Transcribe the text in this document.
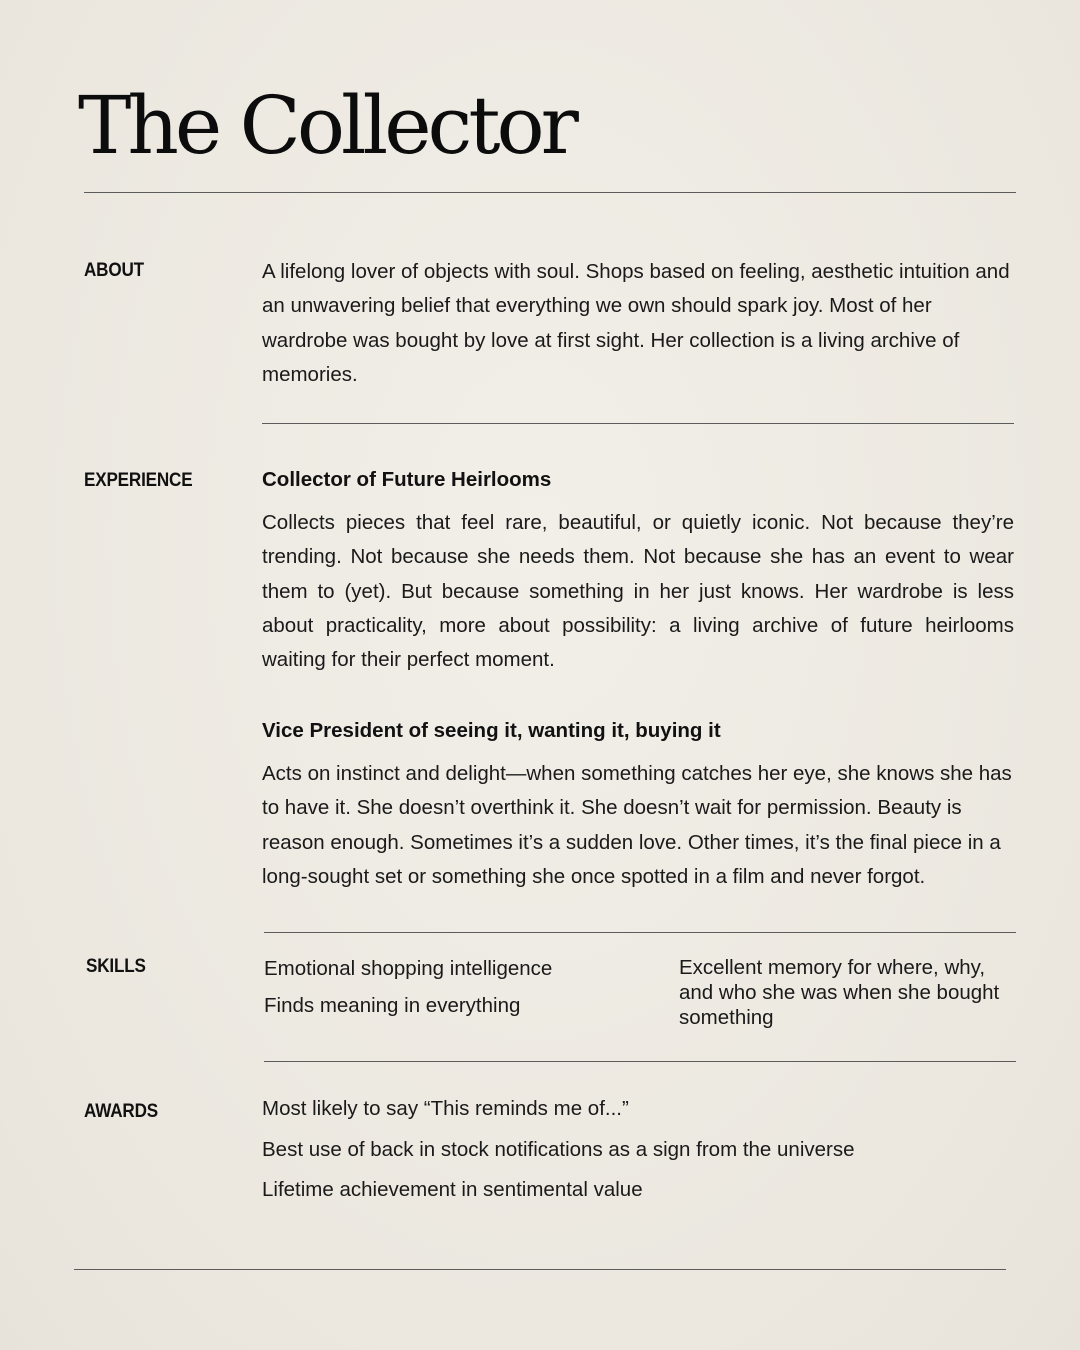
The Collector
ABOUT	A lifelong lover of objects with soul. Shops based on feeling, aesthetic intuition and an unwavering belief that everything we own should spark joy. Most of her wardrobe was bought by love at first sight. Her collection is a living archive of memories.

EXPERIENCE	Collector of Future Heirlooms

Collects pieces that feel rare, beautiful, or quietly iconic. Not because they’re trending. Not because she needs them. Not because she has an event to wear them to (yet). But because something in her just knows. Her wardrobe is less about practicality, more about possibility: a living archive of future heirlooms waiting for their perfect moment.

Vice President of seeing it, wanting it, buying it

Acts on instinct and delight—when something catches her eye, she knows she has to have it. She doesn’t overthink it. She doesn’t wait for permission. Beauty is reason enough. Sometimes it’s a sudden love. Other times, it’s the final piece in a long-sought set or something she once spotted in a film and never forgot.

SKILLS	Emotional shopping intelligence
Finds meaning in everything

Excellent memory for where, why, and who she was when she bought something

AWARDS	Most likely to say “This reminds me of...”
Best use of back in stock notifications as a sign from the universe
Lifetime achievement in sentimental value
